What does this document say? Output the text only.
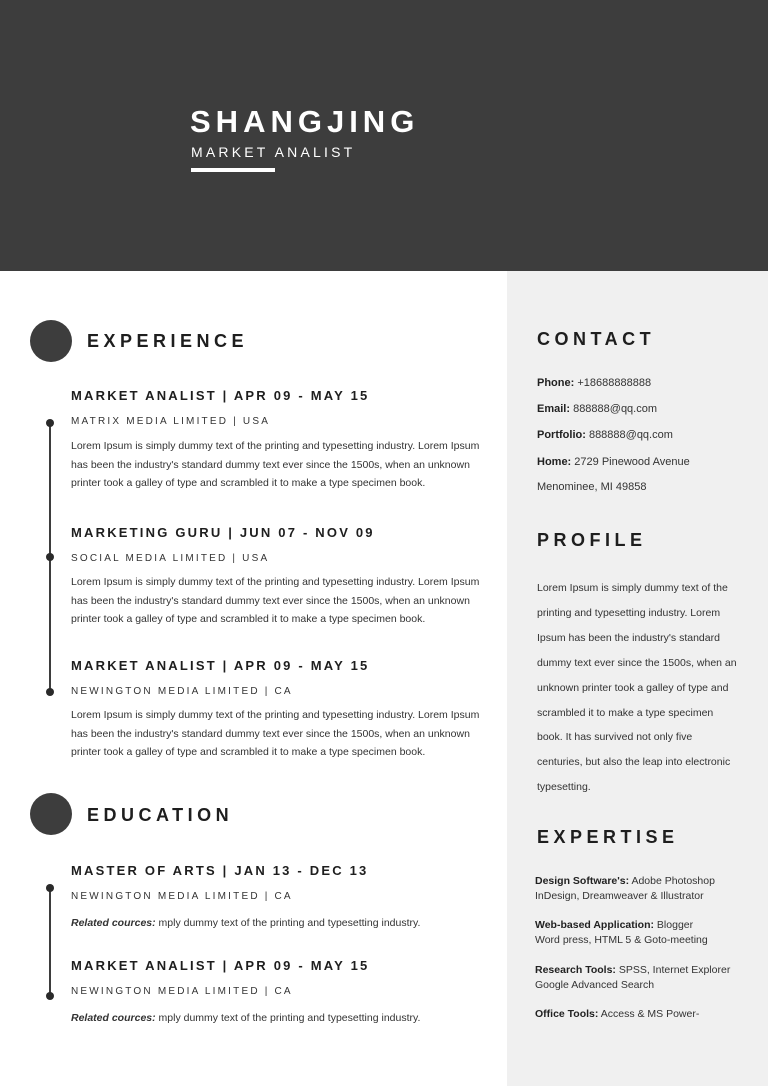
SHANGJING
MARKET ANALIST
EXPERIENCE
MARKET ANALIST | APR 09 - MAY 15
MATRIX MEDIA LIMITED | USA
Lorem Ipsum is simply dummy text of the printing and typesetting industry. Lorem Ipsum has been the industry's standard dummy text ever since the 1500s, when an unknown printer took a galley of type and scrambled it to make a type specimen book.
MARKETING GURU | JUN 07 - NOV 09
SOCIAL MEDIA LIMITED | USA
Lorem Ipsum is simply dummy text of the printing and typesetting industry. Lorem Ipsum has been the industry's standard dummy text ever since the 1500s, when an unknown printer took a galley of type and scrambled it to make a type specimen book.
MARKET ANALIST | APR 09 - MAY 15
NEWINGTON MEDIA LIMITED | CA
Lorem Ipsum is simply dummy text of the printing and typesetting industry. Lorem Ipsum has been the industry's standard dummy text ever since the 1500s, when an unknown printer took a galley of type and scrambled it to make a type specimen book.
EDUCATION
MASTER OF ARTS | JAN 13 - DEC 13
NEWINGTON MEDIA LIMITED | CA
Related cources: mply dummy text of the printing and typesetting industry.
MARKET ANALIST | APR 09 - MAY 15
NEWINGTON MEDIA LIMITED | CA
Related cources: mply dummy text of the printing and typesetting industry.
CONTACT
Phone: +18688888888
Email: 888888@qq.com
Portfolio: 888888@qq.com
Home: 2729 Pinewood Avenue
Menominee, MI 49858
PROFILE
Lorem Ipsum is simply dummy text of the printing and typesetting industry. Lorem Ipsum has been the industry's standard dummy text ever since the 1500s, when an unknown printer took a galley of type and scrambled it to make a type specimen book. It has survived not only five centuries, but also the leap into electronic typesetting.
EXPERTISE
Design Software's: Adobe Photoshop
InDesign, Dreamweaver & Illustrator
Web-based Application: Blogger
Word press, HTML 5 & Goto-meeting
Research Tools: SPSS, Internet Explorer
Google Advanced Search
Office Tools: Access & MS Power-
